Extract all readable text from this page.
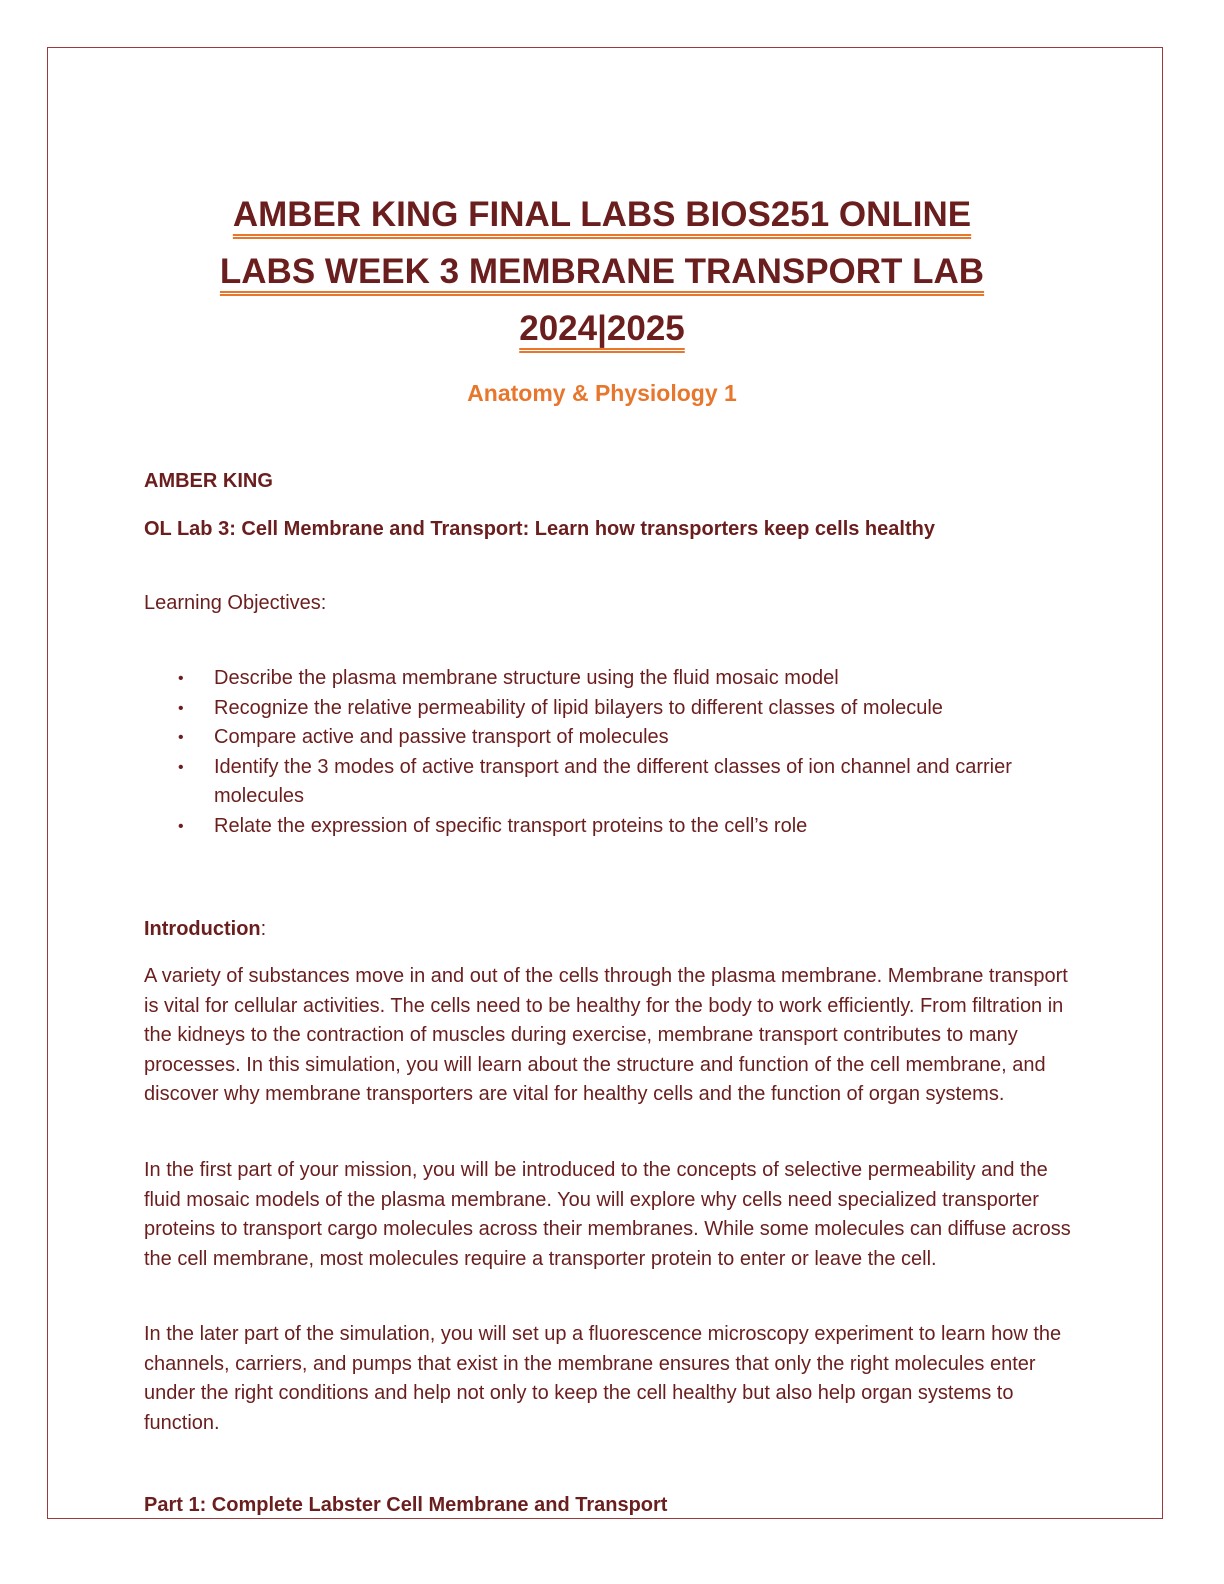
AMBER KING FINAL LABS BIOS251 ONLINE
LABS WEEK 3 MEMBRANE TRANSPORT LAB
2024|2025
Anatomy & Physiology 1

AMBER KING

OL Lab 3: Cell Membrane and Transport: Learn how transporters keep cells healthy

Learning Objectives:

• Describe the plasma membrane structure using the fluid mosaic model
• Recognize the relative permeability of lipid bilayers to different classes of molecule
• Compare active and passive transport of molecules
• Identify the 3 modes of active transport and the different classes of ion channel and carrier molecules
• Relate the expression of specific transport proteins to the cell’s role

Introduction:

A variety of substances move in and out of the cells through the plasma membrane. Membrane transport is vital for cellular activities. The cells need to be healthy for the body to work efficiently. From filtration in the kidneys to the contraction of muscles during exercise, membrane transport contributes to many processes. In this simulation, you will learn about the structure and function of the cell membrane, and discover why membrane transporters are vital for healthy cells and the function of organ systems.

In the first part of your mission, you will be introduced to the concepts of selective permeability and the fluid mosaic models of the plasma membrane. You will explore why cells need specialized transporter proteins to transport cargo molecules across their membranes. While some molecules can diffuse across the cell membrane, most molecules require a transporter protein to enter or leave the cell.

In the later part of the simulation, you will set up a fluorescence microscopy experiment to learn how the channels, carriers, and pumps that exist in the membrane ensures that only the right molecules enter under the right conditions and help not only to keep the cell healthy but also help organ systems to function.

Part 1: Complete Labster Cell Membrane and Transport
